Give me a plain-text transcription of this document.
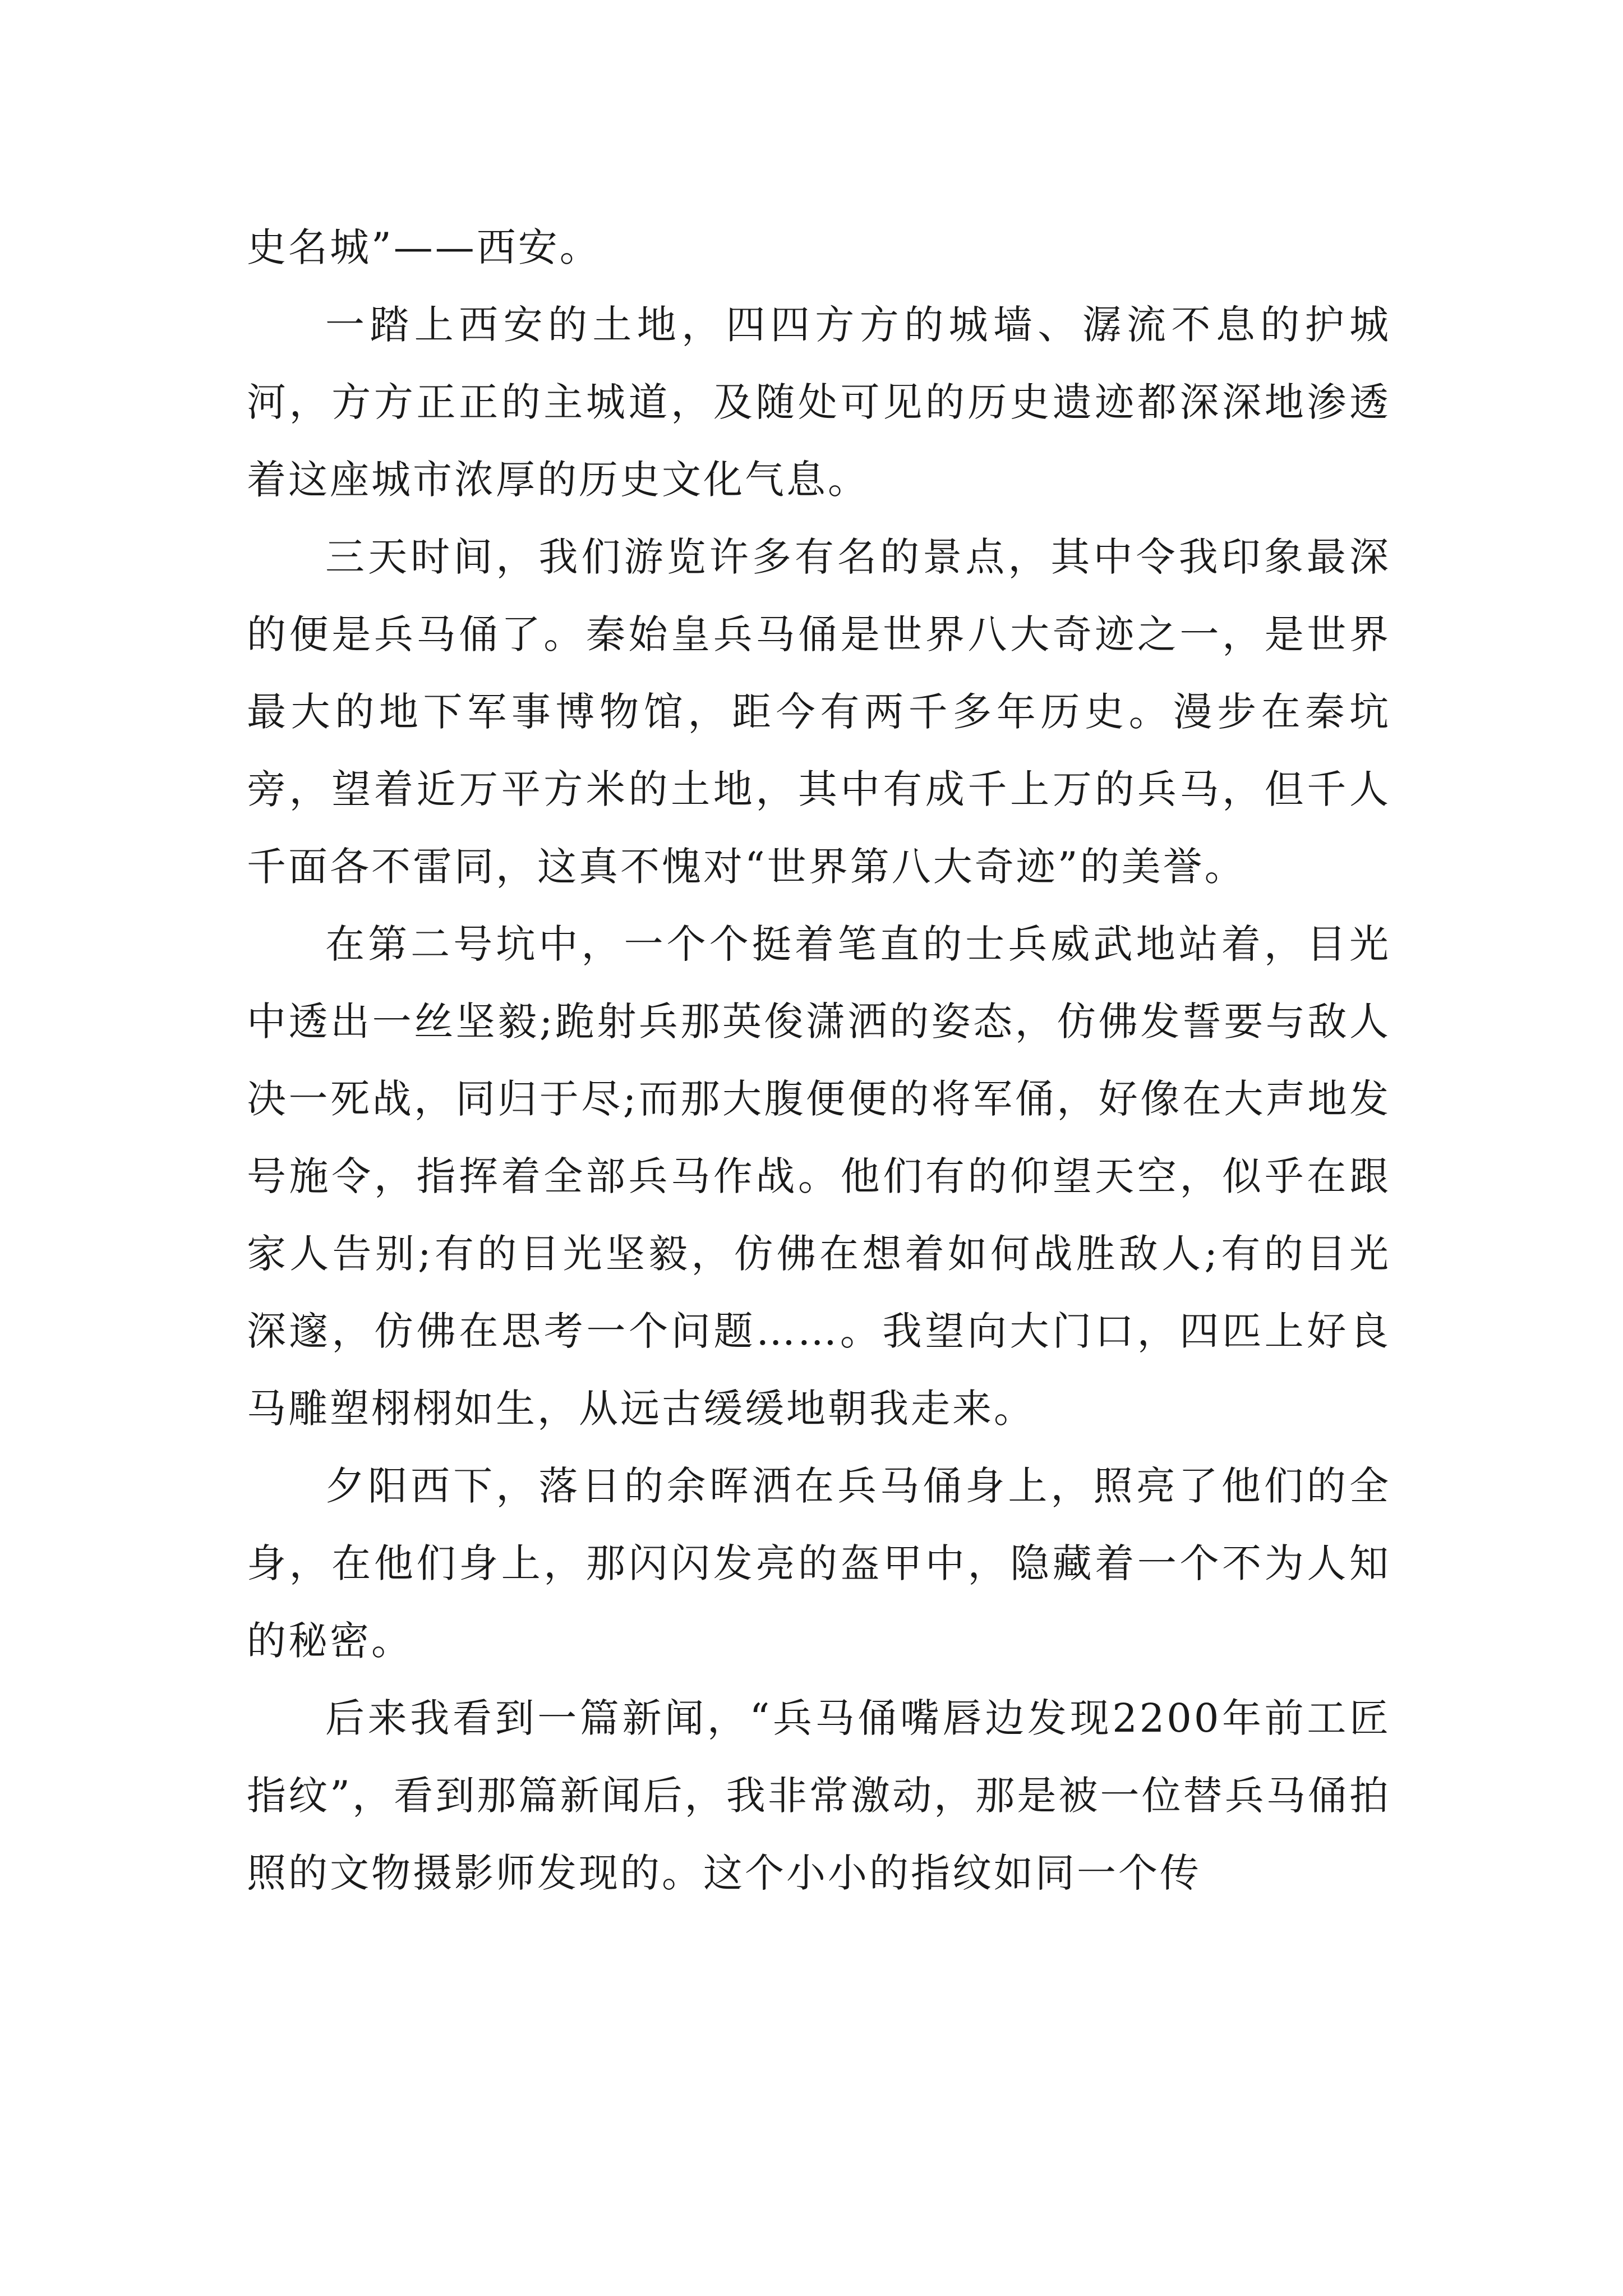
史名城”——西安。

一踏上西安的土地，四四方方的城墙、潺流不息的护城河，方方正正的主城道，及随处可见的历史遗迹都深深地渗透着这座城市浓厚的历史文化气息。

三天时间，我们游览许多有名的景点，其中令我印象最深的便是兵马俑了。秦始皇兵马俑是世界八大奇迹之一，是世界最大的地下军事博物馆，距今有两千多年历史。漫步在秦坑旁，望着近万平方米的土地，其中有成千上万的兵马，但千人千面各不雷同，这真不愧对“世界第八大奇迹”的美誉。

在第二号坑中，一个个挺着笔直的士兵威武地站着，目光中透出一丝坚毅;跪射兵那英俊潇洒的姿态，仿佛发誓要与敌人决一死战，同归于尽;而那大腹便便的将军俑，好像在大声地发号施令，指挥着全部兵马作战。他们有的仰望天空，似乎在跟家人告别;有的目光坚毅，仿佛在想着如何战胜敌人;有的目光深邃，仿佛在思考一个问题……。我望向大门口，四匹上好良马雕塑栩栩如生，从远古缓缓地朝我走来。

夕阳西下，落日的余晖洒在兵马俑身上，照亮了他们的全身，在他们身上，那闪闪发亮的盔甲中，隐藏着一个不为人知的秘密。

后来我看到一篇新闻，“兵马俑嘴唇边发现2200年前工匠指纹”，看到那篇新闻后，我非常激动，那是被一位替兵马俑拍照的文物摄影师发现的。这个小小的指纹如同一个传
